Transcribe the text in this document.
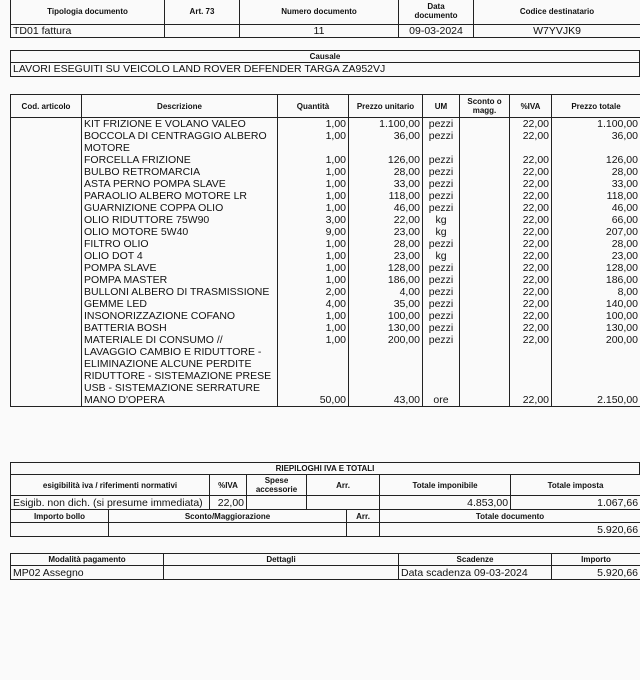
Tipologia documento	Art. 73	Numero documento	Data
documento	Codice destinatario
TD01 fattura		11	09-03-2024	W7YVJK9
Causale
LAVORI ESEGUITI SU VEICOLO LAND ROVER DEFENDER TARGA ZA952VJ
Cod. articolo	Descrizione	Quantità	Prezzo unitario	UM	Sconto o
magg.	%IVA	Prezzo totale
	KIT FRIZIONE E VOLANO VALEO	1,00	1.100,00	pezzi		22,00	1.100,00
	BOCCOLA DI CENTRAGGIO ALBERO MOTORE	1,00	36,00	pezzi		22,00	36,00
	FORCELLA FRIZIONE	1,00	126,00	pezzi		22,00	126,00
	BULBO RETROMARCIA	1,00	28,00	pezzi		22,00	28,00
	ASTA PERNO POMPA SLAVE	1,00	33,00	pezzi		22,00	33,00
	PARAOLIO ALBERO MOTORE LR	1,00	118,00	pezzi		22,00	118,00
	GUARNIZIONE COPPA OLIO	1,00	46,00	pezzi		22,00	46,00
	OLIO RIDUTTORE 75W90	3,00	22,00	kg		22,00	66,00
	OLIO MOTORE 5W40	9,00	23,00	kg		22,00	207,00
	FILTRO OLIO	1,00	28,00	pezzi		22,00	28,00
	OLIO DOT 4	1,00	23,00	kg		22,00	23,00
	POMPA SLAVE	1,00	128,00	pezzi		22,00	128,00
	POMPA MASTER	1,00	186,00	pezzi		22,00	186,00
	BULLONI ALBERO DI TRASMISSIONE	2,00	4,00	pezzi		22,00	8,00
	GEMME LED	4,00	35,00	pezzi		22,00	140,00
	INSONORIZZAZIONE COFANO	1,00	100,00	pezzi		22,00	100,00
	BATTERIA BOSH	1,00	130,00	pezzi		22,00	130,00
	MATERIALE DI CONSUMO // LAVAGGIO CAMBIO E RIDUTTORE - ELIMINAZIONE ALCUNE PERDITE RIDUTTORE - SISTEMAZIONE PRESE USB - SISTEMAZIONE SERRATURE	1,00	200,00	pezzi		22,00	200,00
	MANO D'OPERA	50,00	43,00	ore		22,00	2.150,00
RIEPILOGHI IVA E TOTALI
esigibilità iva / riferimenti normativi		%IVA	Spese
accessorie	Arr.		Totale imponibile	Totale imposta
Esigib. non dich. (si presume immediata)		22,00				4.853,00	1.067,66
Importo bollo	Sconto/Maggiorazione				Arr.	Totale documento	
						5.920,66	
Modalità pagamento	Dettagli	Scadenze	Importo
MP02 Assegno		Data scadenza 09-03-2024	5.920,66
